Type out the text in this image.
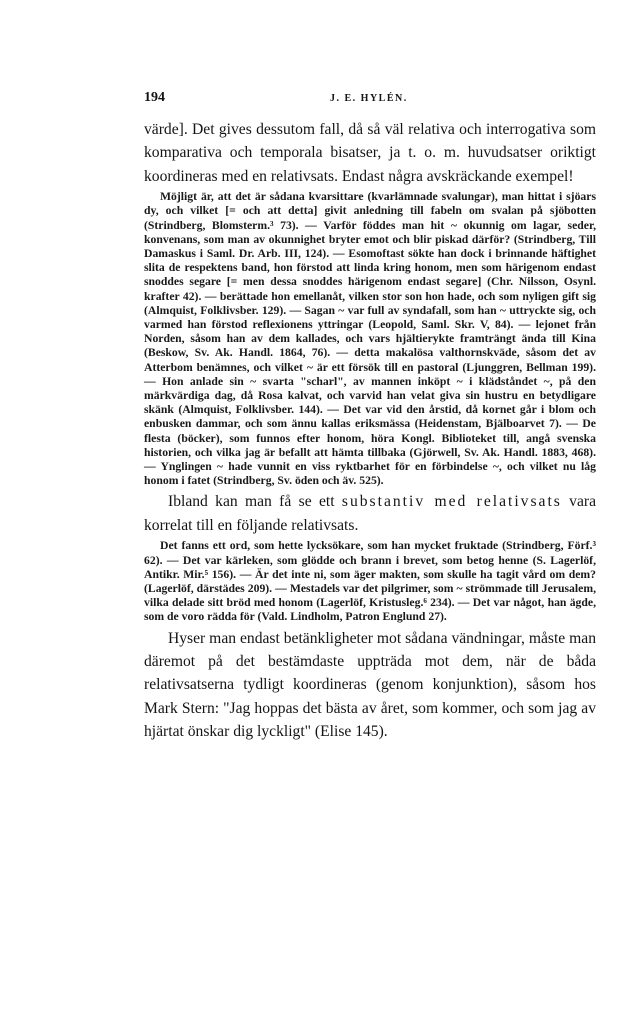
194	J. E. HYLÉN.

värde]. Det gives dessutom fall, då så väl relativa och interrogativa som komparativa och temporala bisatser, ja t. o. m. huvudsatser oriktigt koordineras med en relativsats. Endast några avskräckande exempel!

Möjligt är, att det är sådana kvarsittare (kvarlämnade svalungar), man hittat i sjöars dy, och vilket [= och att detta] givit anledning till fabeln om svalan på sjöbotten (Strindberg, Blomsterm.³ 73). — Varför föddes man hit ~ okunnig om lagar, seder, konvenans, som man av okunnighet bryter emot och blir piskad därför? (Strindberg, Till Damaskus i Saml. Dr. Arb. III, 124). — Esomoftast sökte han dock i brinnande häftighet slita de respektens band, hon förstod att linda kring honom, men som härigenom endast snoddes segare [= men dessa snoddes härigenom endast segare] (Chr. Nilsson, Osynl. krafter 42). — berättade hon emellanåt, vilken stor son hon hade, och som nyligen gift sig (Almquist, Folklivsber. 129). — Sagan ~ var full av syndafall, som han ~ uttryckte sig, och varmed han förstod reflexionens yttringar (Leopold, Saml. Skr. V, 84). — lejonet från Norden, såsom han av dem kallades, och vars hjältierykte framträngt ända till Kina (Beskow, Sv. Ak. Handl. 1864, 76). — detta makalösa valthornskväde, såsom det av Atterbom benämnes, och vilket ~ är ett försök till en pastoral (Ljunggren, Bellman 199). — Hon anlade sin ~ svarta "scharl", av mannen inköpt ~ i klädståndet ~, på den märkvärdiga dag, då Rosa kalvat, och varvid han velat giva sin hustru en betydligare skänk (Almquist, Folklivsber. 144). — Det var vid den årstid, då kornet går i blom och enbusken dammar, och som ännu kallas eriksmässa (Heidenstam, Bjälboarvet 7). — De flesta (böcker), som funnos efter honom, höra Kongl. Biblioteket till, angå svenska historien, och vilka jag är befallt att hämta tillbaka (Gjörwell, Sv. Ak. Handl. 1883, 468). — Ynglingen ~ hade vunnit en viss ryktbarhet för en förbindelse ~, och vilket nu låg honom i fatet (Strindberg, Sv. öden och äv. 525).

Ibland kan man få se ett substantiv med relativsats vara korrelat till en följande relativsats.

Det fanns ett ord, som hette lycksökare, som han mycket fruktade (Strindberg, Förf.³ 62). — Det var kärleken, som glödde och brann i brevet, som betog henne (S. Lagerlöf, Antikr. Mir.⁵ 156). — Är det inte ni, som äger makten, som skulle ha tagit vård om dem? (Lagerlöf, därstädes 209). — Mestadels var det pilgrimer, som ~ strömmade till Jerusalem, vilka delade sitt bröd med honom (Lagerlöf, Kristusleg.⁶ 234). — Det var något, han ägde, som de voro rädda för (Vald. Lindholm, Patron Englund 27).

Hyser man endast betänkligheter mot sådana vändningar, måste man däremot på det bestämdaste uppträda mot dem, när de båda relativsatserna tydligt koordineras (genom konjunktion), såsom hos Mark Stern: "Jag hoppas det bästa av året, som kommer, och som jag av hjärtat önskar dig lyckligt" (Elise 145).
